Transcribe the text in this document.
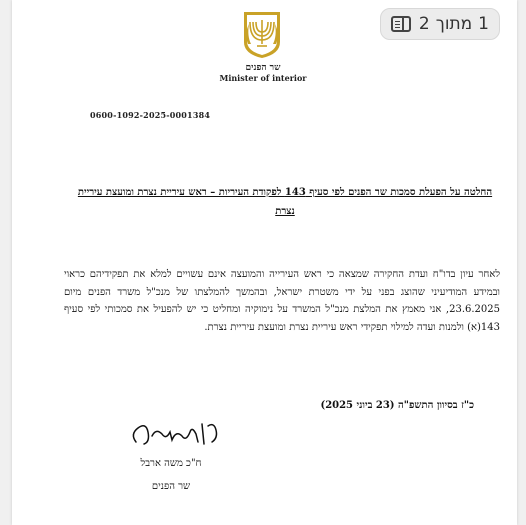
שר הפנים
Minister of interior
0600-1092-2025-0001384
החלטה על הפעלת סמכות שר הפנים לפי סעיף 143 לפקודת העיריות – ראש עיריית נצרת ומועצת עיריית נצרת
לאחר עיון בדו"ח ועדת החקירה שמצאה כי ראש העירייה והמועצה אינם עשויים למלא את תפקידיהם כראוי ובמידע המודיעיני שהוצג בפני על ידי משטרת ישראל, ובהמשך להמלצתו של מנכ"ל משרד הפנים מיום 23.6.2025, אני מאמץ את המלצת מנכ"ל המשרד על נימוקיה ומחליט כי יש להפעיל את סמכותי לפי סעיף 143(א) ולמנות ועדה למילוי תפקידי ראש עיריית נצרת ומועצת עיריית נצרת.
כ"ז בסיוון התשפ"ה (23 ביוני 2025)
ח"כ משה ארבל
שר הפנים
1
מתוך
2
